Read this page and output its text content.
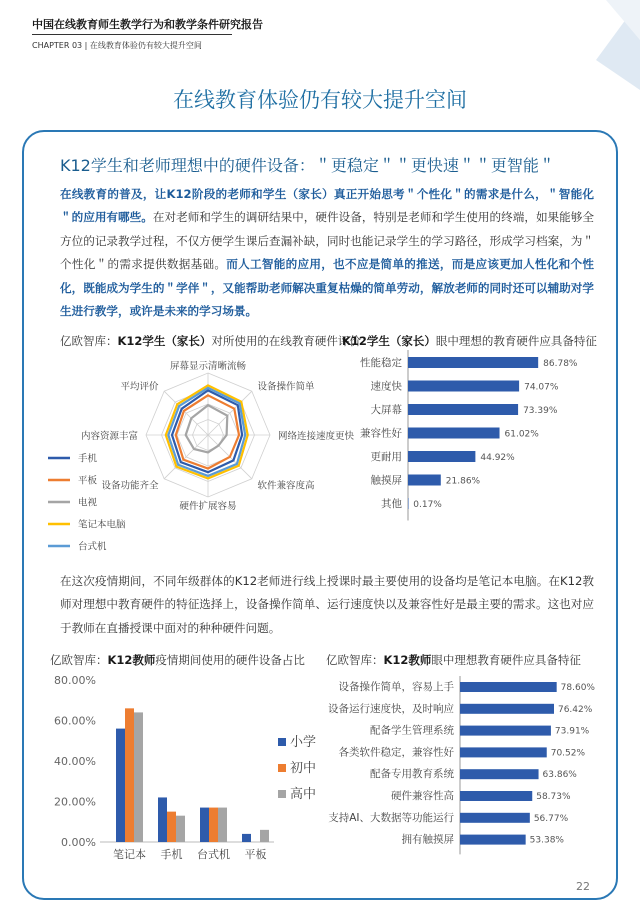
中国在线教育师生教学行为和教学条件研究报告
CHAPTER 03 | 在线教育体验仍有较大提升空间
在线教育体验仍有较大提升空间
K12学生和老师理想中的硬件设备：＂更稳定＂＂更快速＂＂更智能＂
在线教育的普及，让K12阶段的老师和学生（家长）真正开始思考＂个性化＂的需求是什么，＂智能化＂的应用有哪些。在对老师和学生的调研结果中，硬件设备，特别是老师和学生使用的终端，如果能够全方位的记录教学过程，不仅方便学生课后查漏补缺，同时也能记录学生的学习路径，形成学习档案，为＂个性化＂的需求提供数据基础。而人工智能的应用，也不应是简单的推送，而是应该更加人性化和个性化，既能成为学生的＂学伴＂，又能帮助老师解决重复枯燥的简单劳动，解放老师的同时还可以辅助对学生进行教学，或许是未来的学习场景。
亿欧智库：K12学生（家长）对所使用的在线教育硬件评价
K12学生（家长）眼中理想的教育硬件应具备特征
屏幕显示清晰流畅
设备操作简单
网络连接速度更快
软件兼容度高
硬件扩展容易
设备功能齐全
内容资源丰富
平均评价
手机
平板
电视
笔记本电脑
台式机
性能稳定	86.78%
速度快	74.07%
大屏幕	73.39%
兼容性好	61.02%
更耐用	44.92%
触摸屏	21.86%
其他 0.17%
在这次疫情期间，不同年级群体的K12老师进行线上授课时最主要使用的设备均是笔记本电脑。在K12教师对理想中教育硬件的特征选择上，设备操作简单、运行速度快以及兼容性好是最主要的需求。这也对应于教师在直播授课中面对的种种硬件问题。
亿欧智库：K12教师疫情期间使用的硬件设备占比 亿欧智库：K12教师眼中理想教育硬件应具备特征
0.00%
20.00%
40.00%
60.00%
80.00%
笔记本 手机 台式机 平板
小学
初中
高中
设备操作简单，容易上手	78.60%
设备运行速度快，及时响应	76.42%
配备学生管理系统	73.91%
各类软件稳定，兼容性好	70.52%
配备专用教育系统	63.86%
硬件兼容性高	58.73%
支持AI、大数据等功能运行	56.77%
拥有触摸屏	53.38%
22
